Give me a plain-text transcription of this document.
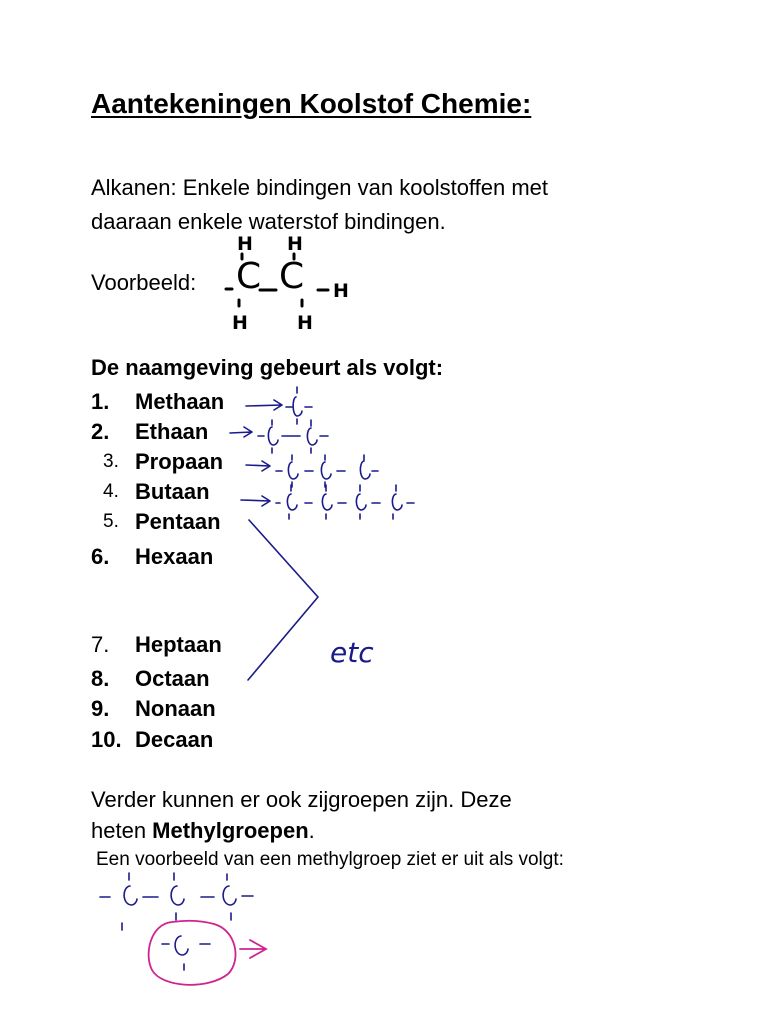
Aantekeningen Koolstof Chemie:
Alkanen: Enkele bindingen van koolstoffen met
daaraan enkele waterstof bindingen.
Voorbeeld: C C
H H
H
H	H
De naamgeving gebeurt als volgt:
1. Methaan
2. Ethaan
3. Propaan
4. Butaan
5. Pentaan
6. Hexaan
7. Heptaan
8. Octaan
9. Nonaan
10. Decaan
etc
Verder kunnen er ook zijgroepen zijn. Deze
heten Methylgroepen.
Een voorbeeld van een methylgroep ziet er uit als volgt:
